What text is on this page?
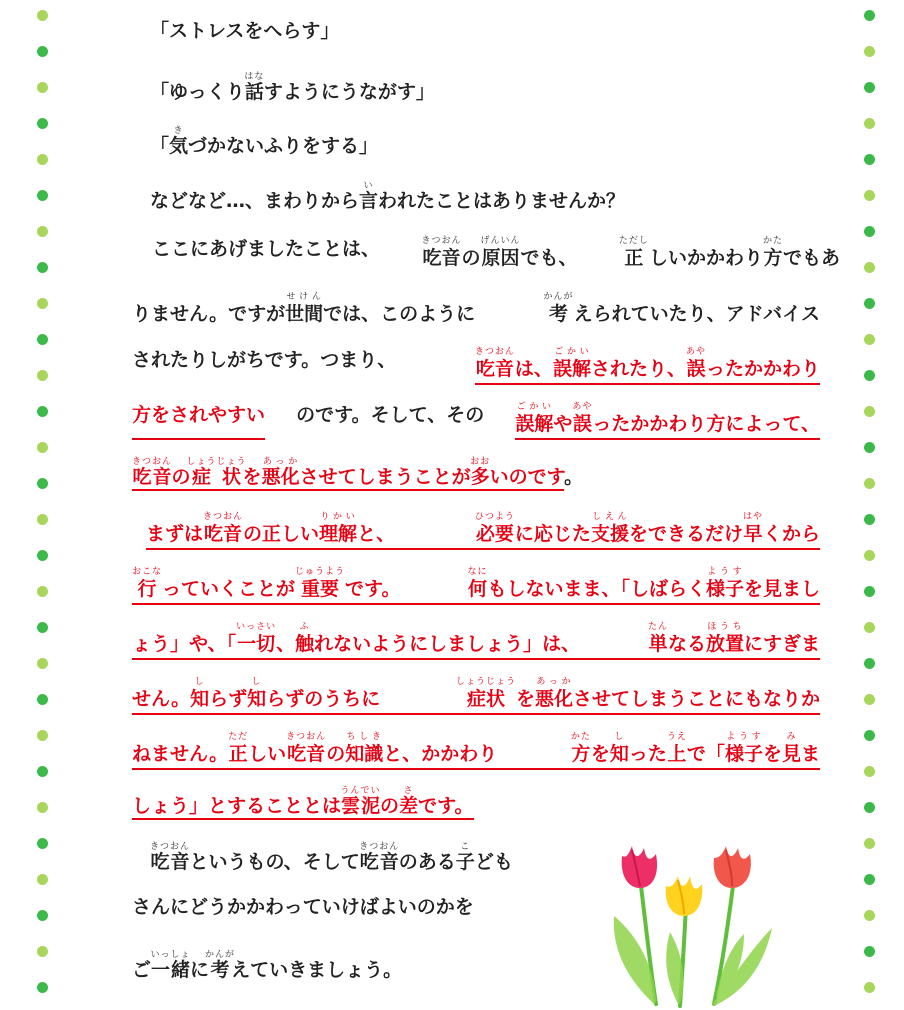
「ストレスをへらす」
「ゆっくり話はなすようにうながす」
「気きづかないふりをする」
などなど…、まわりから言いわれたことはありませんか？
ここにあげましたことは、 吃音きつおんの原因げんいんでも、 正ただししいかかわり方かたでもあ
りません。ですが世間せけんでは、このように	考かんがえられていたり、アドバイス
されたりしがちです。つまり、	吃音きつおんは、誤解ごかいされたり、誤あやったかかわり
方をされやすい のです。そして、その 誤解ごかいや誤あやったかかわり方によって、
吃音きつおんの症状しょうじょうを悪化あっかさせてしまうことが多おおいのです。
まずは吃音きつおんの正しい理解りかいと、	必要ひつように応じた支援しえんをできるだけ早はやくから
行おこなっていくことが 重要じゅうようです。	何なにもしないまま、「しばらく様子ようすを見まし
ょう」や、「一切いっさい、触ふれないようにしましょう」は、	単たんなる放置ほうちにすぎま
せん。知しらず知しらずのうちに	症状しょうじょうを悪化あっかさせてしまうことにもなりか
ねません。正ただしい吃音きつおんの知識ちしきと、かかわり	方かたを知しった上うえで「様子ようすを見みま
しょう」とすることとは雲泥うんでいの差さです。
吃音きつおんというもの、そして吃音きつおんのある子こども
さんにどうかかわっていけばよいのかを
ご一緒いっしょに考かんがえていきましょう。
